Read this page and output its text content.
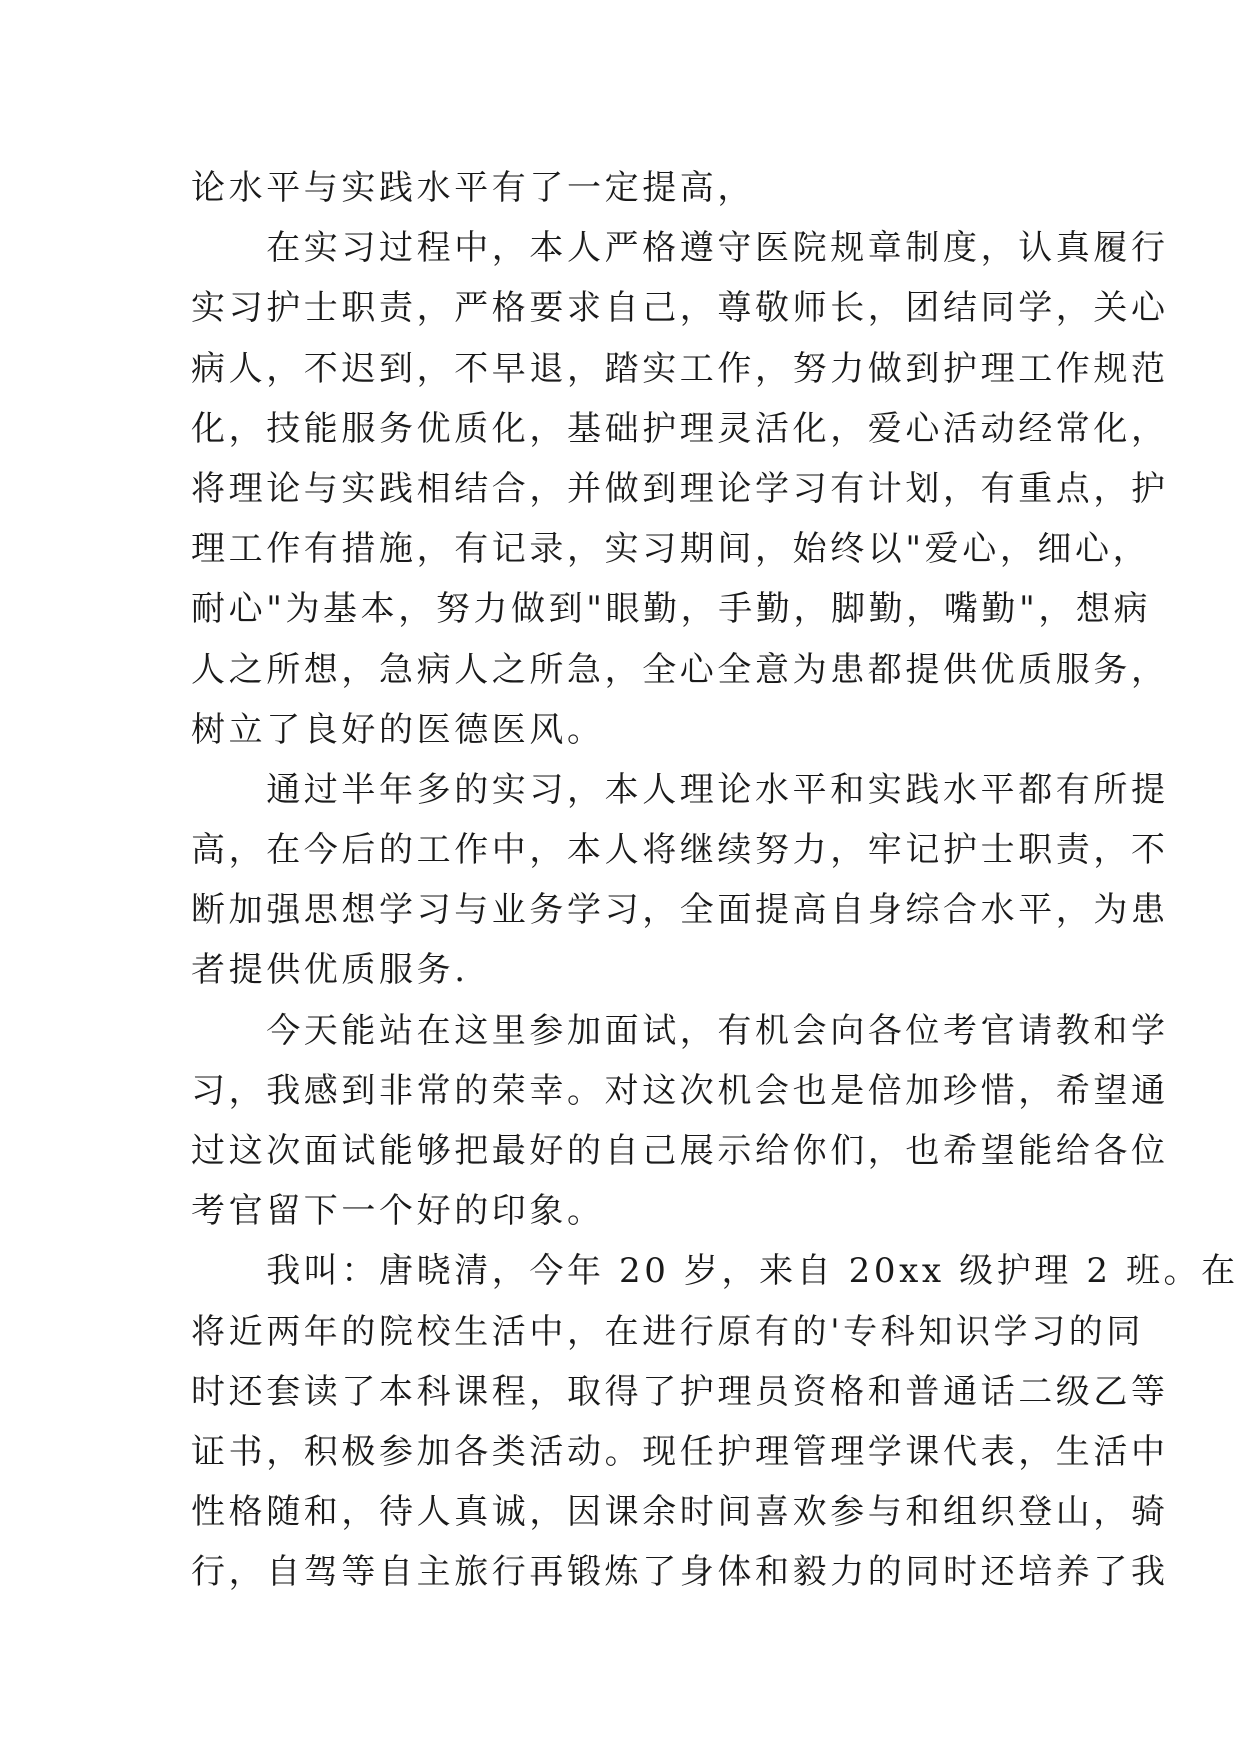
论水平与实践水平有了一定提高，
　　在实习过程中，本人严格遵守医院规章制度，认真履行
实习护士职责，严格要求自己，尊敬师长，团结同学，关心
病人，不迟到，不早退，踏实工作，努力做到护理工作规范
化，技能服务优质化，基础护理灵活化，爱心活动经常化，
将理论与实践相结合，并做到理论学习有计划，有重点，护
理工作有措施，有记录，实习期间，始终以"爱心，细心，
耐心"为基本，努力做到"眼勤，手勤，脚勤，嘴勤"，想病
人之所想，急病人之所急，全心全意为患都提供优质服务，
树立了良好的医德医风。
　　通过半年多的实习，本人理论水平和实践水平都有所提
高，在今后的工作中，本人将继续努力，牢记护士职责，不
断加强思想学习与业务学习，全面提高自身综合水平，为患
者提供优质服务.
　　今天能站在这里参加面试，有机会向各位考官请教和学
习，我感到非常的荣幸。对这次机会也是倍加珍惜，希望通
过这次面试能够把最好的自己展示给你们，也希望能给各位
考官留下一个好的印象。
　　我叫：唐晓清，今年 20 岁，来自 20xx 级护理 2 班。在
将近两年的院校生活中，在进行原有的'专科知识学习的同
时还套读了本科课程，取得了护理员资格和普通话二级乙等
证书，积极参加各类活动。现任护理管理学课代表，生活中
性格随和，待人真诚，因课余时间喜欢参与和组织登山，骑
行，自驾等自主旅行再锻炼了身体和毅力的同时还培养了我
